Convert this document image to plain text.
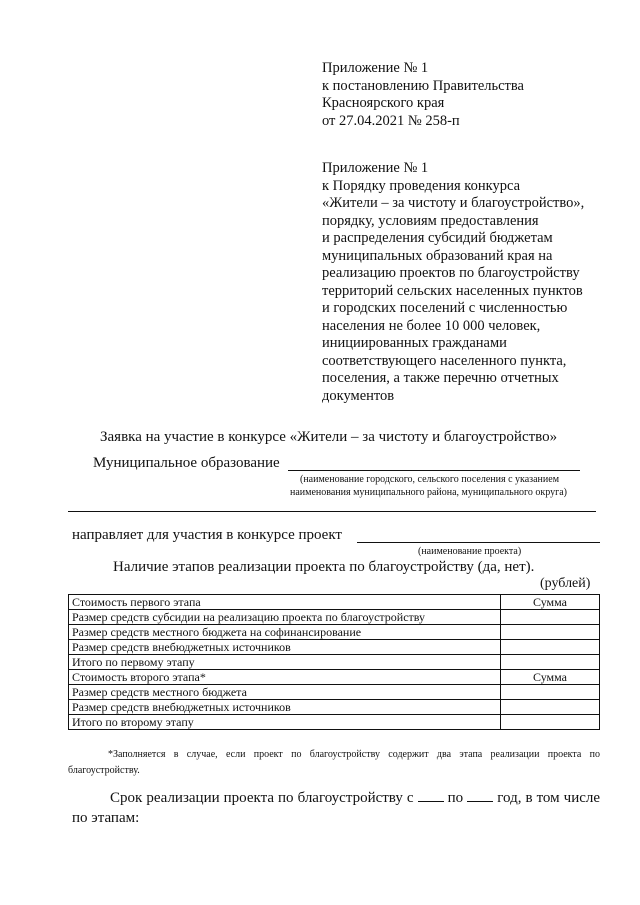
Приложение № 1
к постановлению Правительства
Красноярского края
от 27.04.2021 № 258-п
Приложение № 1
к Порядку проведения конкурса
«Жители – за чистоту и благоустройство»,
порядку, условиям предоставления
и распределения субсидий бюджетам
муниципальных образований края на
реализацию проектов по благоустройству
территорий сельских населенных пунктов
и городских поселений с численностью
населения не более 10 000 человек,
инициированных гражданами
соответствующего населенного пункта,
поселения, а также перечню отчетных
документов
Заявка на участие в конкурсе «Жители – за чистоту и благоустройство»
Муниципальное образование
(наименование городского, сельского поселения с указанием
наименования муниципального района, муниципального округа)
направляет для участия в конкурсе проект
(наименование проекта)
Наличие этапов реализации проекта по благоустройству (да, нет).
(рублей)
Стоимость первого этапа	Сумма
Размер средств субсидии на реализацию проекта по благоустройству	
Размер средств местного бюджета на софинансирование	
Размер средств внебюджетных источников	
Итого по первому этапу	
Стоимость второго этапа*	Сумма
Размер средств местного бюджета	
Размер средств внебюджетных источников	
Итого по второму этапу	
*Заполняется в случае, если проект по благоустройству содержит два этапа реализации проекта по благоустройству.
Срок реализации проекта по благоустройству с по год, в том числе по этапам:
